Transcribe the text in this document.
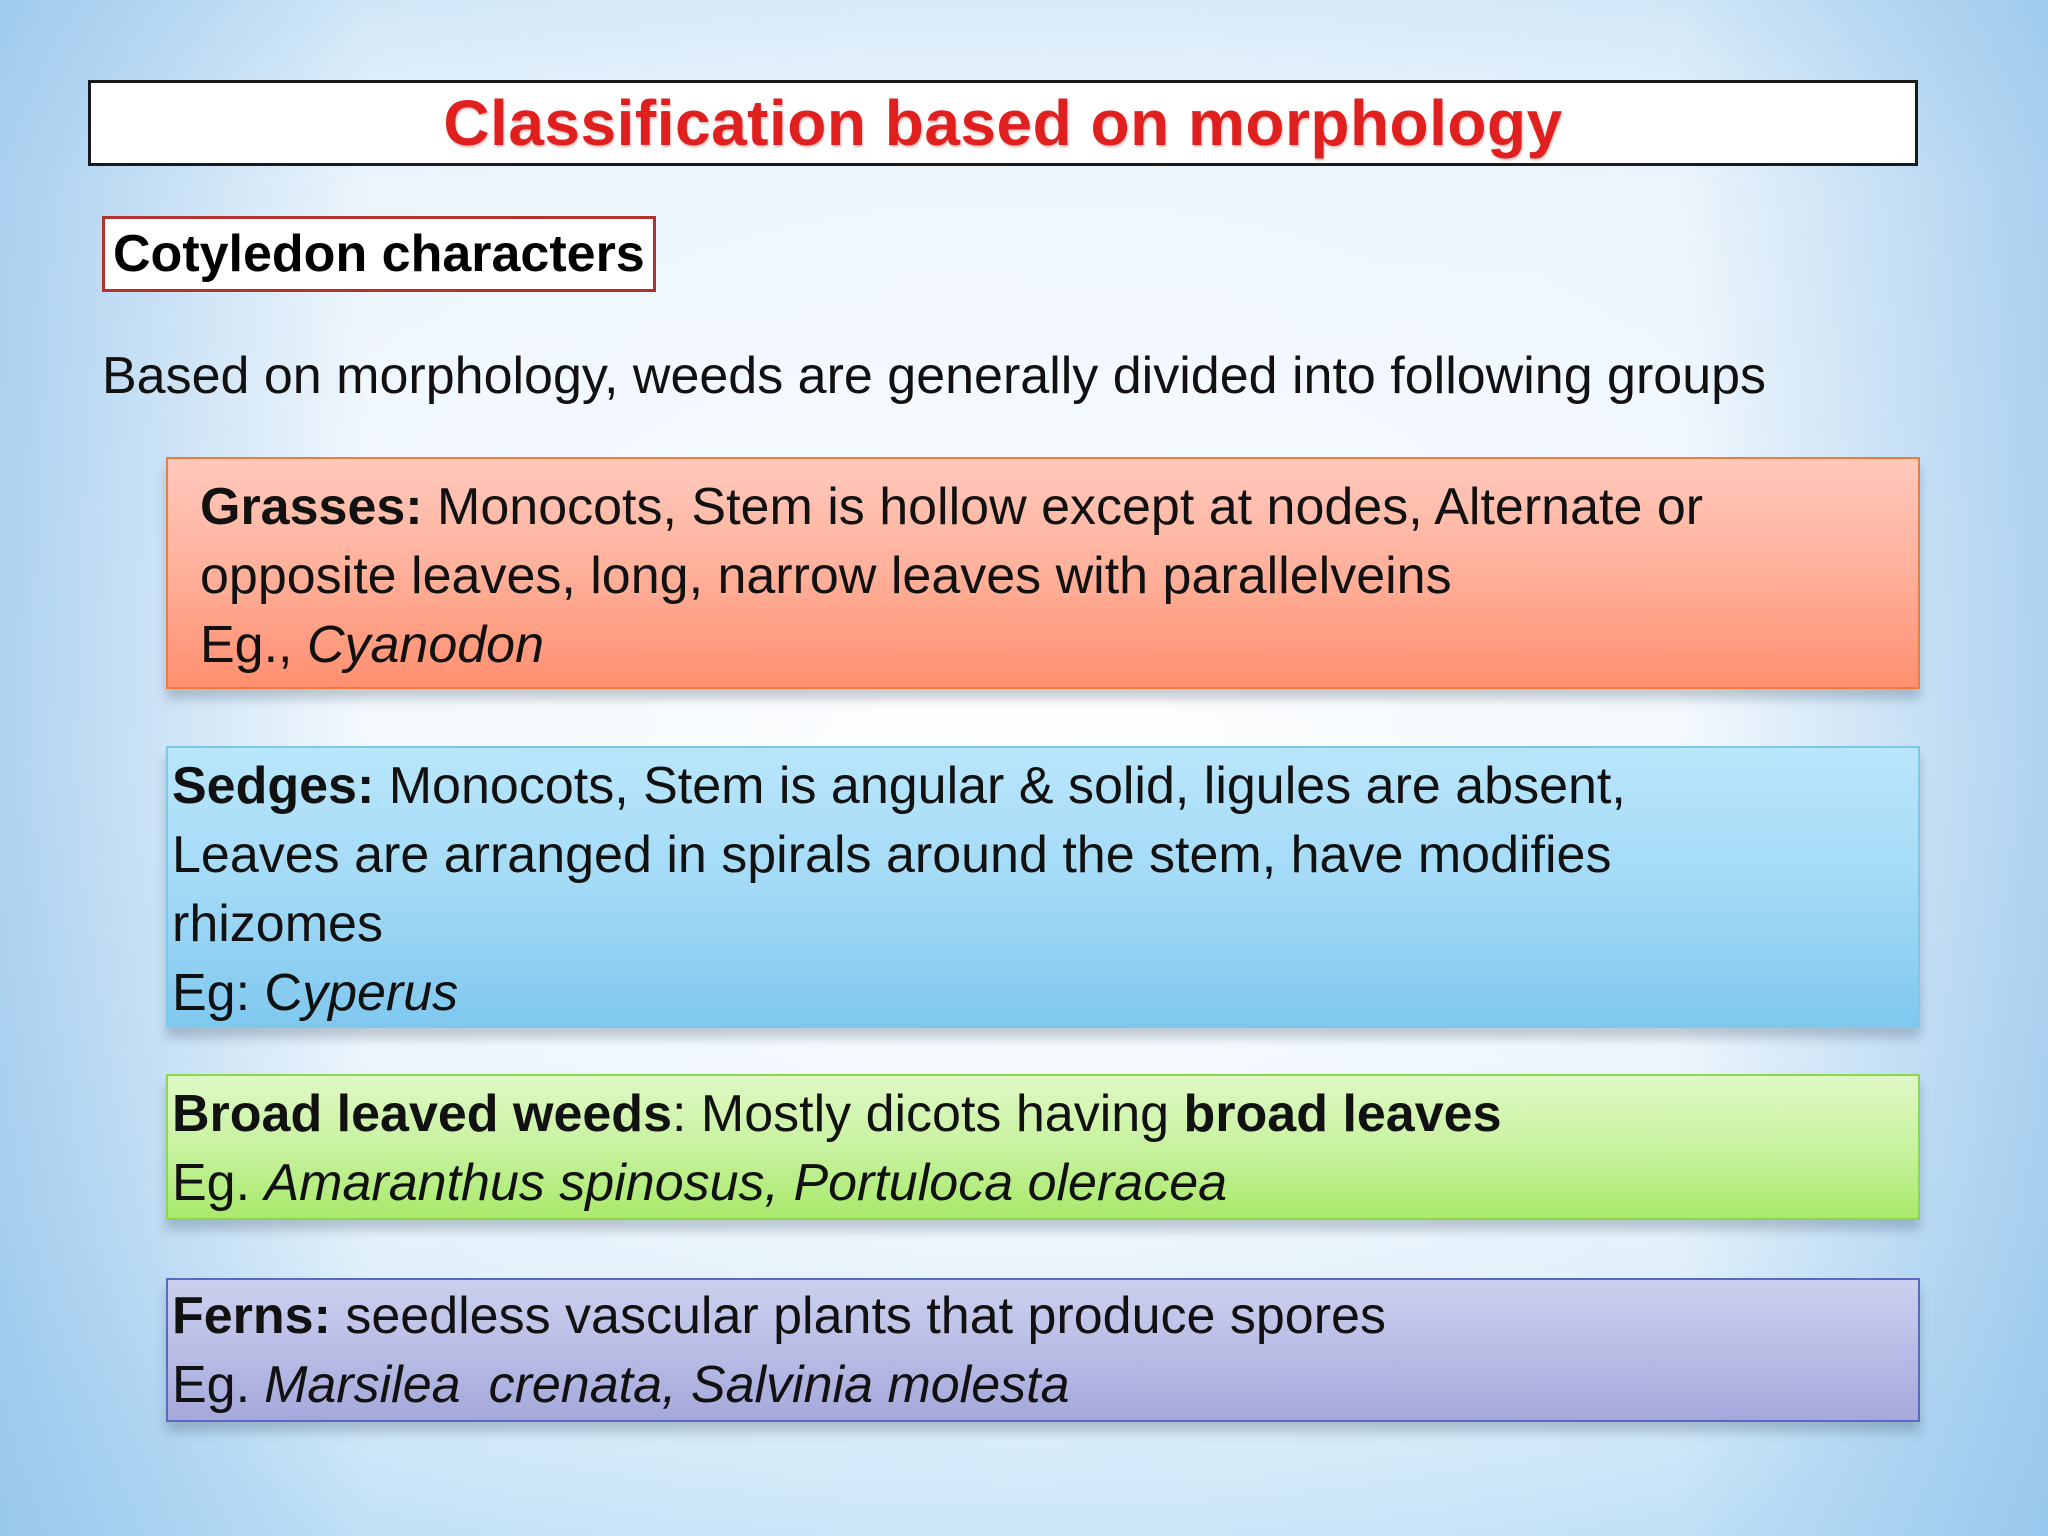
Classification based on morphology
Cotyledon characters
Based on morphology, weeds are generally divided into following groups
Grasses: Monocots, Stem is hollow except at nodes, Alternate or
opposite leaves, long, narrow leaves with parallelveins
Eg., Cyanodon
Sedges: Monocots, Stem is angular & solid, ligules are absent,
Leaves are arranged in spirals around the stem, have modifies
rhizomes
Eg: Cyperus
Broad leaved weeds: Mostly dicots having broad leaves
Eg. Amaranthus spinosus, Portuloca oleracea
Ferns: seedless vascular plants that produce spores
Eg. Marsilea crenata, Salvinia molesta
